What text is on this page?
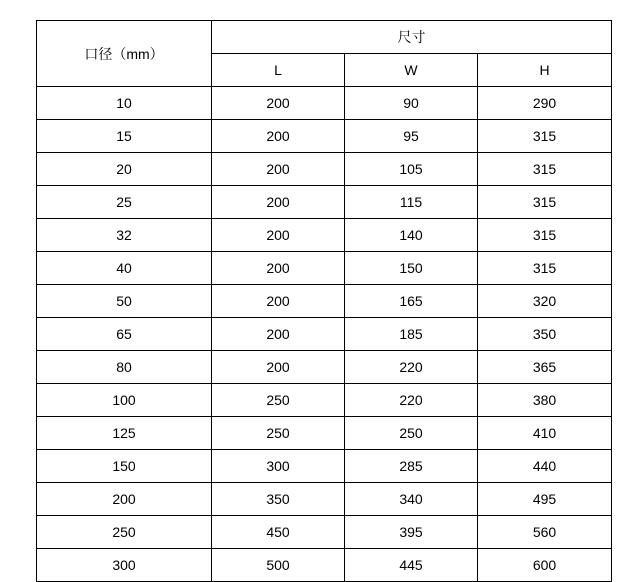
口径（mm）	尺寸		
	L	W	H
10	200	90	290
15	200	95	315
20	200	105	315
25	200	115	315
32	200	140	315
40	200	150	315
50	200	165	320
65	200	185	350
80	200	220	365
100	250	220	380
125	250	250	410
150	300	285	440
200	350	340	495
250	450	395	560
300	500	445	600
